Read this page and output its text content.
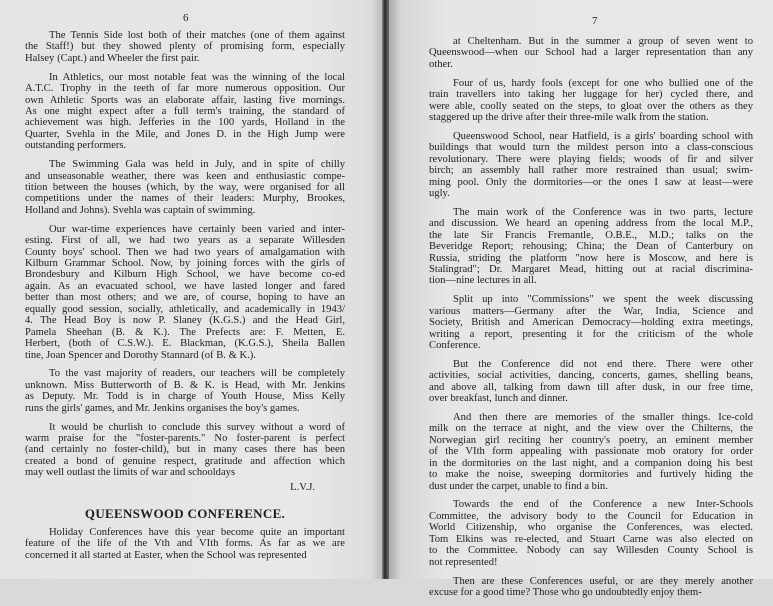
6
The Tennis Side lost both of their matches (one of them against
the Staff!) but they showed plenty of promising form, especially
Halsey (Capt.) and Wheeler the first pair.
In Athletics, our most notable feat was the winning of the local
A.T.C. Trophy in the teeth of far more numerous opposition. Our
own Athletic Sports was an elaborate affair, lasting five mornings.
As one might expect after a full term's training, the standard of
achievement was high. Jefferies in the 100 yards, Holland in the
Quarter, Svehla in the Mile, and Jones D. in the High Jump were
outstanding performers.
The Swimming Gala was held in July, and in spite of chilly
and unseasonable weather, there was keen and enthusiastic compe-
tition between the houses (which, by the way, were organised for all
competitions under the names of their leaders: Murphy, Brookes,
Holland and Johns). Svehla was captain of swimming.
Our war-time experiences have certainly been varied and inter-
esting. First of all, we had two years as a separate Willesden
County boys' school. Then we had two years of amalgamation with
Kilburn Grammar School. Now, by joining forces with the girls of
Brondesbury and Kilburn High School, we have become co-ed
again. As an evacuated school, we have lasted longer and fared
better than most others; and we are, of course, hoping to have an
equally good session, socially, athletically, and academically in 1943/
4. The Head Boy is now P. Slaney (K.G.S.) and the Head Girl,
Pamela Sheehan (B. & K.). The Prefects are: F. Metten, E.
Herbert, (both of C.S.W.). E. Blackman, (K.G.S.), Sheila Ballen
tine, Joan Spencer and Dorothy Stannard (of B. & K.).
To the vast majority of readers, our teachers will be completely
unknown. Miss Butterworth of B. & K. is Head, with Mr. Jenkins
as Deputy. Mr. Todd is in charge of Youth House, Miss Kelly
runs the girls' games, and Mr. Jenkins organises the boy's games.
It would be churlish to conclude this survey without a word of
warm praise for the "foster-parents." No foster-parent is perfect
(and certainly no foster-child), but in many cases there has been
created a bond of genuine respect, gratitude and affection which
may well outlast the limits of war and schooldays
L.V.J.
QUEENSWOOD CONFERENCE.
Holiday Conferences have this year become quite an important
feature of the life of the Vth and VIth forms. As far as we are
concerned it all started at Easter, when the School was represented
7
at Cheltenham. But in the summer a group of seven went to
Queenswood—when our School had a larger representation than any
other.
Four of us, hardy fools (except for one who bullied one of the
train travellers into taking her luggage for her) cycled there, and
were able, coolly seated on the steps, to gloat over the others as they
staggered up the drive after their three-mile walk from the station.
Queenswood School, near Hatfield, is a girls' boarding school with
buildings that would turn the mildest person into a class-conscious
revolutionary. There were playing fields; woods of fir and silver
birch; an assembly hall rather more restrained than usual; swim-
ming pool. Only the dormitories—or the ones I saw at least—were
ugly.
The main work of the Conference was in two parts, lecture
and discussion. We heard an opening address from the local M.P.,
the late Sir Francis Fremantle, O.B.E., M.D.; talks on the
Beveridge Report; rehousing; China; the Dean of Canterbury on
Russia, striding the platform "now here is Moscow, and here is
Stalingrad"; Dr. Margaret Mead, hitting out at racial discrimina-
tion—nine lectures in all.
Split up into "Commissions" we spent the week discussing
various matters—Germany after the War, India, Science and
Society, British and American Democracy—holding extra meetings,
writing a report, presenting it for the criticism of the whole
Conference.
But the Conference did not end there. There were other
activities, social activities, dancing, concerts, games, shelling beans,
and above all, talking from dawn till after dusk, in our free time,
over breakfast, lunch and dinner.
And then there are memories of the smaller things. Ice-cold
milk on the terrace at night, and the view over the Chilterns, the
Norwegian girl reciting her country's poetry, an eminent member
of the VIth form appealing with passionate mob oratory for order
in the dormitories on the last night, and a companion doing his best
to make the noise, sweeping dormitories and furtively hiding the
dust under the carpet, unable to find a bin.
Towards the end of the Conference a new Inter-Schools
Committee, the advisory body to the Council for Education in
World Citizenship, who organise the Conferences, was elected.
Tom Elkins was re-elected, and Stuart Carne was also elected on
to the Committee. Nobody can say Willesden County School is
not represented!
Then are these Conferences useful, or are they merely another
excuse for a good time? Those who go undoubtedly enjoy them-
